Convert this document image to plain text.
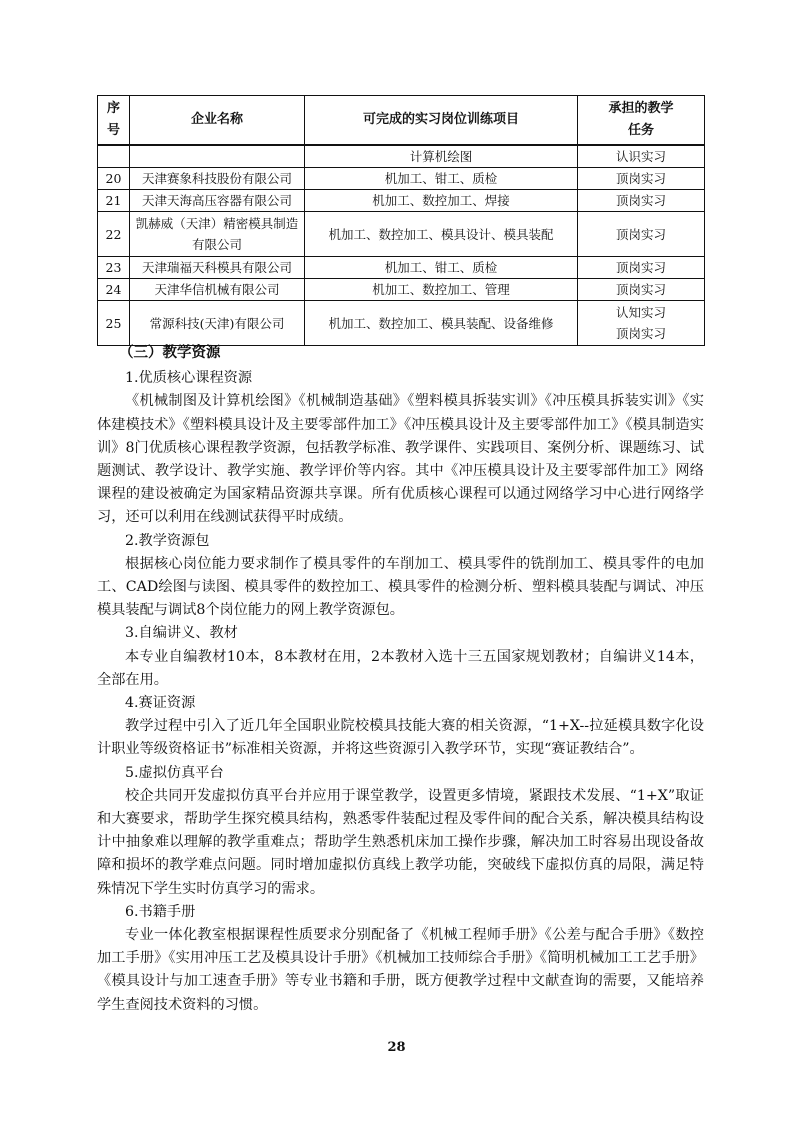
序
号	企业名称	可完成的实习岗位训练项目	承担的教学
任务

		计算机绘图	认识实习
20	天津赛象科技股份有限公司	机加工、钳工、质检	顶岗实习
21	天津天海高压容器有限公司	机加工、数控加工、焊接	顶岗实习
22	凯赫威（天津）精密模具制造
有限公司	机加工、数控加工、模具设计、模具装配	顶岗实习
23	天津瑞福天科模具有限公司	机加工、钳工、质检	顶岗实习
24	天津华信机械有限公司	机加工、数控加工、管理	顶岗实习
25	常源科技(天津)有限公司	机加工、数控加工、模具装配、设备维修	认知实习
顶岗实习
（三）教学资源

1.优质核心课程资源

《机械制图及计算机绘图》《机械制造基础》《塑料模具拆装实训》《冲压模具拆装实训》《实体建模技术》《塑料模具设计及主要零部件加工》《冲压模具设计及主要零部件加工》《模具制造实训》8门优质核心课程教学资源，包括教学标准、教学课件、实践项目、案例分析、课题练习、试题测试、教学设计、教学实施、教学评价等内容。其中《冲压模具设计及主要零部件加工》网络课程的建设被确定为国家精品资源共享课。所有优质核心课程可以通过网络学习中心进行网络学习，还可以利用在线测试获得平时成绩。

2.教学资源包

根据核心岗位能力要求制作了模具零件的车削加工、模具零件的铣削加工、模具零件的电加工、CAD绘图与读图、模具零件的数控加工、模具零件的检测分析、塑料模具装配与调试、冲压模具装配与调试8个岗位能力的网上教学资源包。

3.自编讲义、教材

本专业自编教材10本，8本教材在用，2本教材入选十三五国家规划教材；自编讲义14本，全部在用。

4.赛证资源

教学过程中引入了近几年全国职业院校模具技能大赛的相关资源，“1+X--拉延模具数字化设计职业等级资格证书”标准相关资源，并将这些资源引入教学环节，实现“赛证教结合”。

5.虚拟仿真平台

校企共同开发虚拟仿真平台并应用于课堂教学，设置更多情境，紧跟技术发展、“1+X”取证和大赛要求，帮助学生探究模具结构，熟悉零件装配过程及零件间的配合关系，解决模具结构设计中抽象难以理解的教学重难点；帮助学生熟悉机床加工操作步骤，解决加工时容易出现设备故障和损坏的教学难点问题。同时增加虚拟仿真线上教学功能，突破线下虚拟仿真的局限，满足特殊情况下学生实时仿真学习的需求。

6.书籍手册

专业一体化教室根据课程性质要求分别配备了《机械工程师手册》《公差与配合手册》《数控加工手册》《实用冲压工艺及模具设计手册》《机械加工技师综合手册》《简明机械加工工艺手册》《模具设计与加工速查手册》等专业书籍和手册，既方便教学过程中文献查询的需要，又能培养学生查阅技术资料的习惯。

28
